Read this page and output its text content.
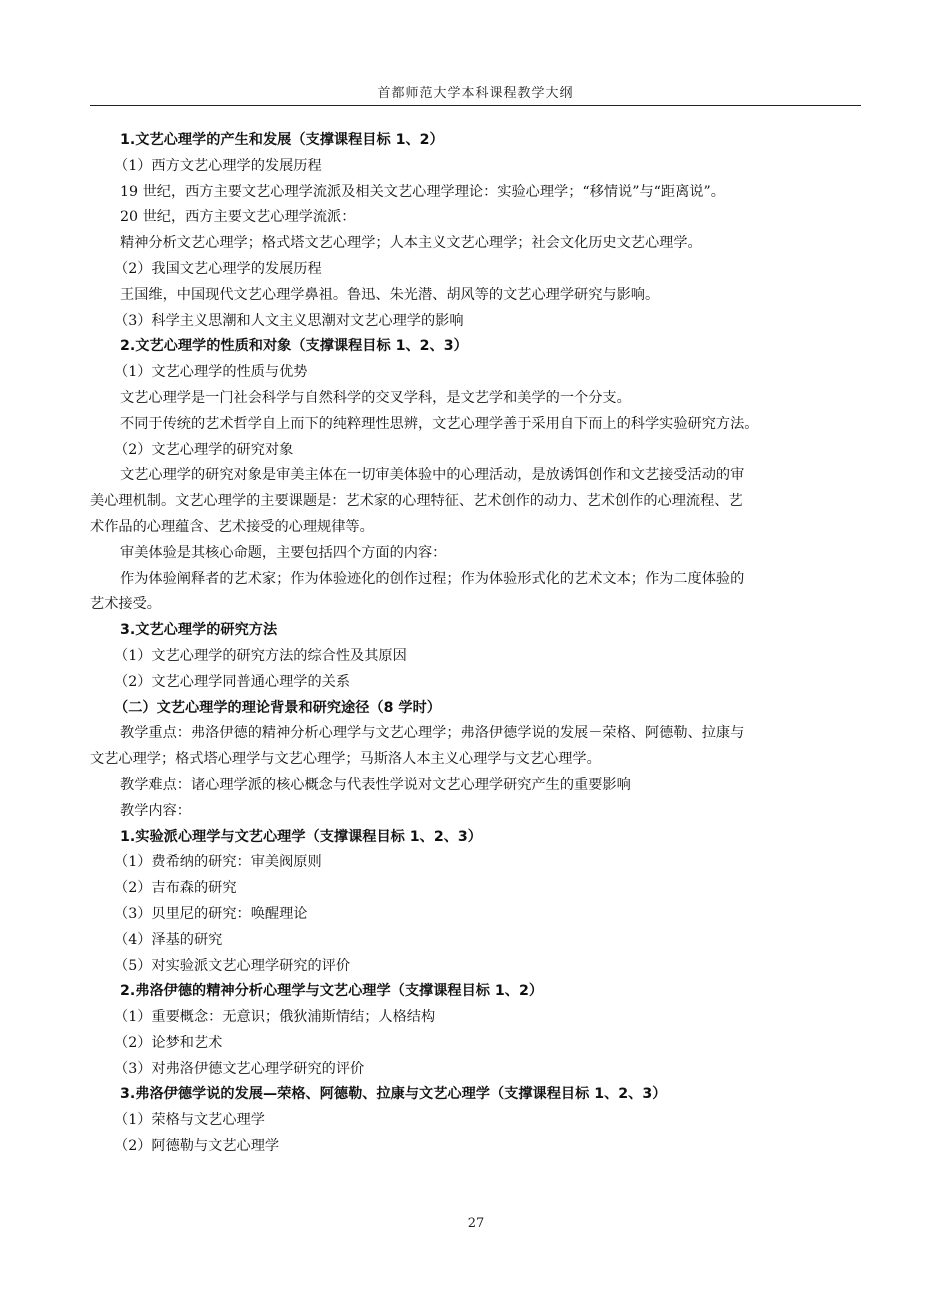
首都师范大学本科课程教学大纲
1.文艺心理学的产生和发展（支撑课程目标 1、2）
（1）西方文艺心理学的发展历程
19 世纪，西方主要文艺心理学流派及相关文艺心理学理论：实验心理学；“移情说”与“距离说”。
20 世纪，西方主要文艺心理学流派：
精神分析文艺心理学；格式塔文艺心理学；人本主义文艺心理学；社会文化历史文艺心理学。
（2）我国文艺心理学的发展历程
王国维，中国现代文艺心理学鼻祖。鲁迅、朱光潜、胡风等的文艺心理学研究与影响。
（3）科学主义思潮和人文主义思潮对文艺心理学的影响
2.文艺心理学的性质和对象（支撑课程目标 1、2、3）
（1）文艺心理学的性质与优势
文艺心理学是一门社会科学与自然科学的交叉学科，是文艺学和美学的一个分支。
不同于传统的艺术哲学自上而下的纯粹理性思辨，文艺心理学善于采用自下而上的科学实验研究方法。
（2）文艺心理学的研究对象
文艺心理学的研究对象是审美主体在一切审美体验中的心理活动，是放诱饵创作和文艺接受活动的审
美心理机制。文艺心理学的主要课题是：艺术家的心理特征、艺术创作的动力、艺术创作的心理流程、艺
术作品的心理蕴含、艺术接受的心理规律等。
审美体验是其核心命题，主要包括四个方面的内容：
作为体验阐释者的艺术家；作为体验迹化的创作过程；作为体验形式化的艺术文本；作为二度体验的
艺术接受。
3.文艺心理学的研究方法
（1）文艺心理学的研究方法的综合性及其原因
（2）文艺心理学同普通心理学的关系
（二）文艺心理学的理论背景和研究途径（8 学时）
教学重点：弗洛伊德的精神分析心理学与文艺心理学；弗洛伊德学说的发展－荣格、阿德勒、拉康与
文艺心理学；格式塔心理学与文艺心理学；马斯洛人本主义心理学与文艺心理学。
教学难点：诸心理学派的核心概念与代表性学说对文艺心理学研究产生的重要影响
教学内容：
1.实验派心理学与文艺心理学（支撑课程目标 1、2、3）
（1）费希纳的研究：审美阀原则
（2）吉布森的研究
（3）贝里尼的研究：唤醒理论
（4）泽基的研究
（5）对实验派文艺心理学研究的评价
2.弗洛伊德的精神分析心理学与文艺心理学（支撑课程目标 1、2）
（1）重要概念：无意识；俄狄浦斯情结；人格结构
（2）论梦和艺术
（3）对弗洛伊德文艺心理学研究的评价
3.弗洛伊德学说的发展—荣格、阿德勒、拉康与文艺心理学（支撑课程目标 1、2、3）
（1）荣格与文艺心理学
（2）阿德勒与文艺心理学
27
